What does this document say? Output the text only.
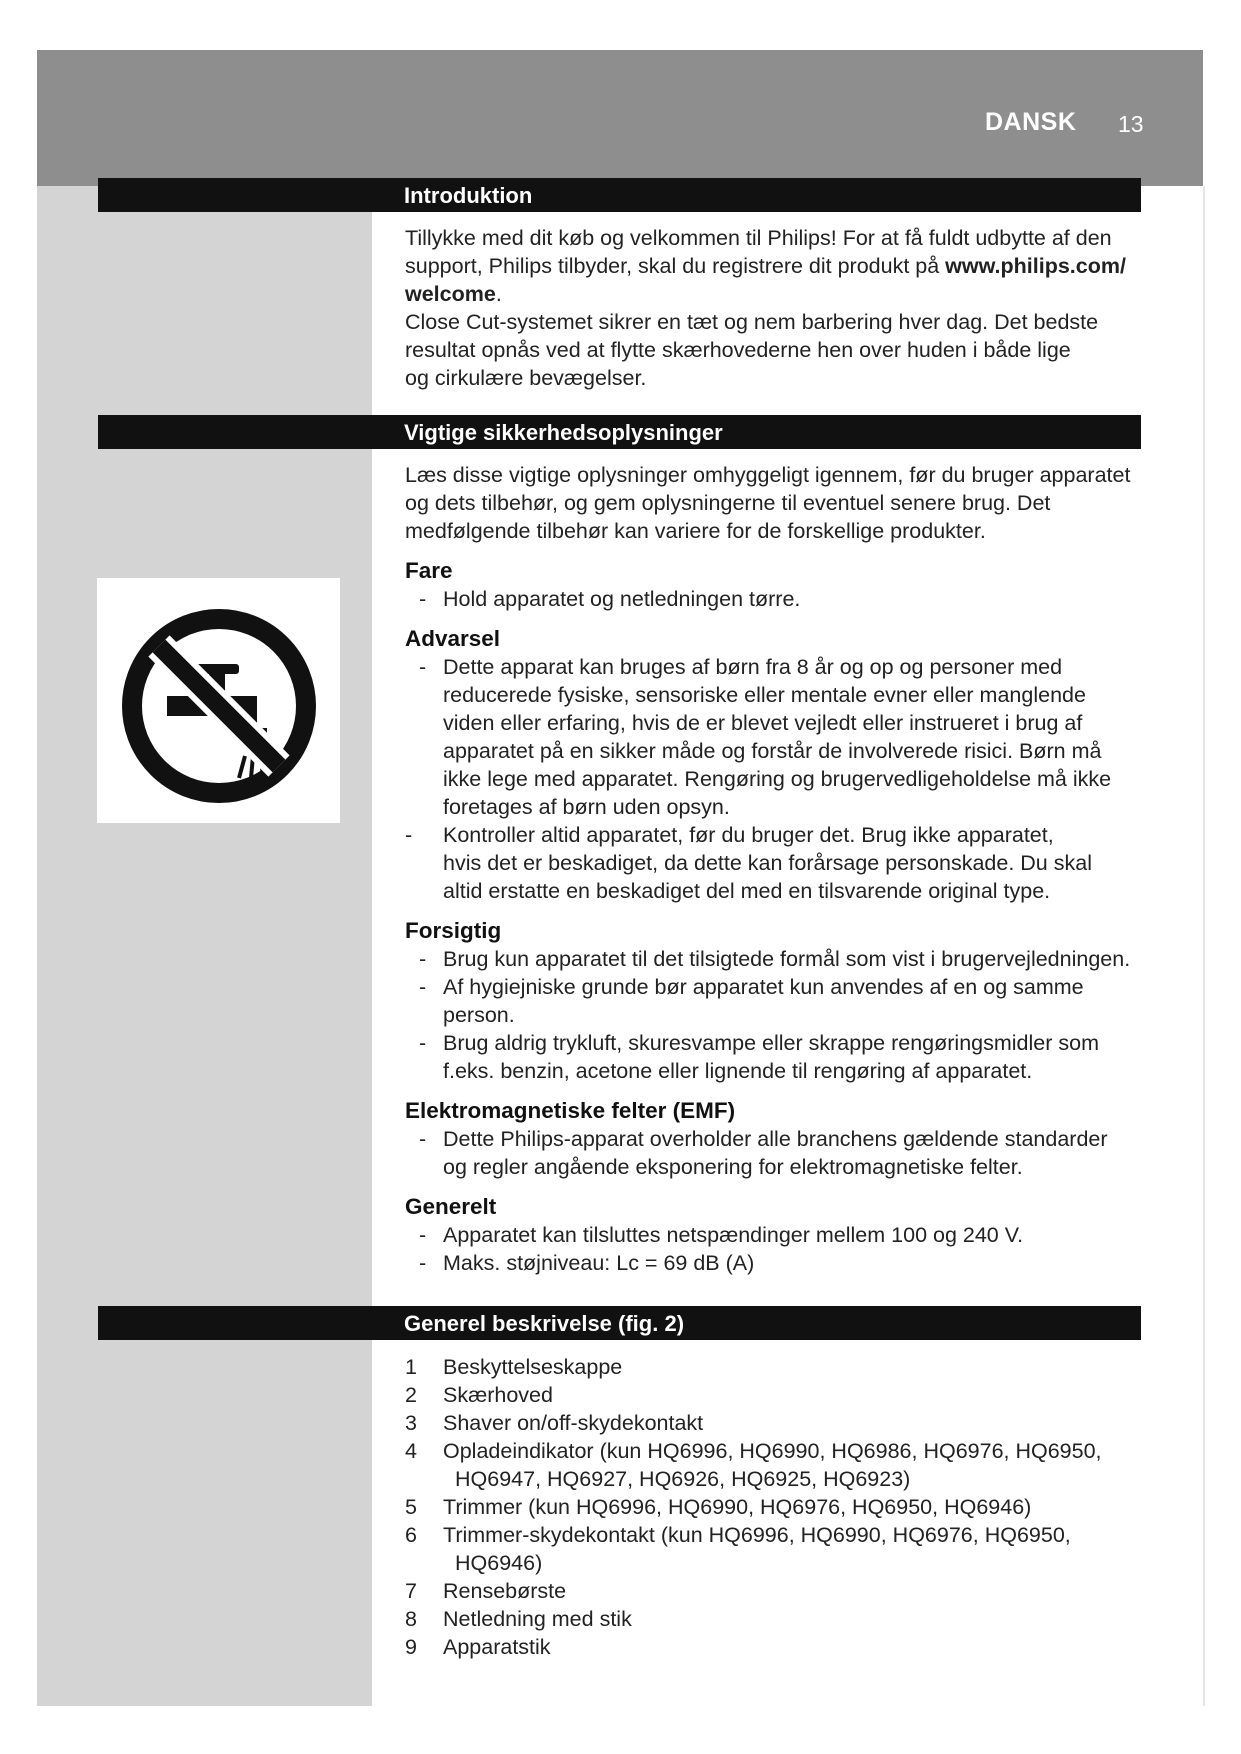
DANSK 13
Introduktion

Tillykke med dit køb og velkommen til Philips! For at få fuldt udbytte af den

support, Philips tilbyder, skal du registrere dit produkt på www.philips.com/

welcome.

Close Cut-systemet sikrer en tæt og nem barbering hver dag. Det bedste

resultat opnås ved at flytte skærhovederne hen over huden i både lige

og cirkulære bevægelser.

Vigtige sikkerhedsoplysninger

Læs disse vigtige oplysninger omhyggeligt igennem, før du bruger apparatet

og dets tilbehør, og gem oplysningerne til eventuel senere brug. Det

medfølgende tilbehør kan variere for de forskellige produkter.

Fare

- Hold apparatet og netledningen tørre.

Advarsel

- Dette apparat kan bruges af børn fra 8 år og op og personer med

reducerede fysiske, sensoriske eller mentale evner eller manglende

viden eller erfaring, hvis de er blevet vejledt eller instrueret i brug af

apparatet på en sikker måde og forstår de involverede risici. Børn må

ikke lege med apparatet. Rengøring og brugervedligeholdelse må ikke

foretages af børn uden opsyn.

- Kontroller altid apparatet, før du bruger det. Brug ikke apparatet,

hvis det er beskadiget, da dette kan forårsage personskade. Du skal

altid erstatte en beskadiget del med en tilsvarende original type.

Forsigtig

- Brug kun apparatet til det tilsigtede formål som vist i brugervejledningen.

- Af hygiejniske grunde bør apparatet kun anvendes af en og samme

person.

- Brug aldrig trykluft, skuresvampe eller skrappe rengøringsmidler som

f.eks. benzin, acetone eller lignende til rengøring af apparatet.

Elektromagnetiske felter (EMF)

- Dette Philips-apparat overholder alle branchens gældende standarder

og regler angående eksponering for elektromagnetiske felter.

Generelt

- Apparatet kan tilsluttes netspændinger mellem 100 og 240 V.

- Maks. støjniveau: Lc = 69 dB (A)

Generel beskrivelse (fig. 2)
1 Beskyttelseskappe

2 Skærhoved

3 Shaver on/off-skydekontakt

4 Opladeindikator (kun HQ6996, HQ6990, HQ6986, HQ6976, HQ6950,

HQ6947, HQ6927, HQ6926, HQ6925, HQ6923)

5 Trimmer (kun HQ6996, HQ6990, HQ6976, HQ6950, HQ6946)

6 Trimmer-skydekontakt (kun HQ6996, HQ6990, HQ6976, HQ6950,

HQ6946)

7 Rensebørste

8 Netledning med stik

9 Apparatstik
